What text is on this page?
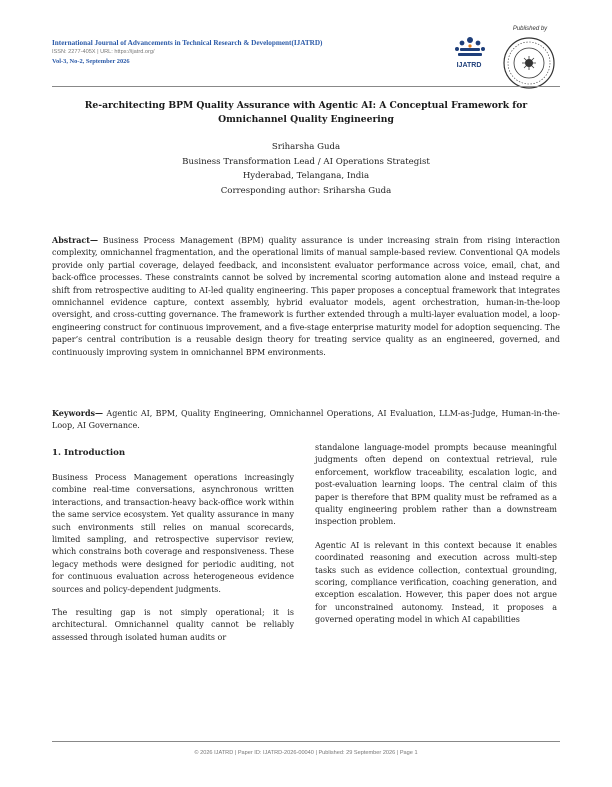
International Journal of Advancements in Technical Research & Development(IJATRD)
ISSN: 2277-405X | URL: https://ijatrd.org/
Vol-3, No-2, September 2026
IJATRD
Published by
Re-architecting BPM Quality Assurance with Agentic AI: A Conceptual Framework for Omnichannel Quality Engineering
Sriharsha Guda
Business Transformation Lead / AI Operations Strategist
Hyderabad, Telangana, India
Corresponding author: Sriharsha Guda
Abstract— Business Process Management (BPM) quality assurance is under increasing strain from rising interaction complexity, omnichannel fragmentation, and the operational limits of manual sample-based review. Conventional QA models provide only partial coverage, delayed feedback, and inconsistent evaluator performance across voice, email, chat, and back-office processes. These constraints cannot be solved by incremental scoring automation alone and instead require a shift from retrospective auditing to AI-led quality engineering. This paper proposes a conceptual framework that integrates omnichannel evidence capture, context assembly, hybrid evaluator models, agent orchestration, human-in-the-loop oversight, and cross-cutting governance. The framework is further extended through a multi-layer evaluation model, a loop-engineering construct for continuous improvement, and a five-stage enterprise maturity model for adoption sequencing. The paper’s central contribution is a reusable design theory for treating service quality as an engineered, governed, and continuously improving system in omnichannel BPM environments.
Keywords— Agentic AI, BPM, Quality Engineering, Omnichannel Operations, AI Evaluation, LLM-as-Judge, Human-in-the-Loop, AI Governance.
1. Introduction

Business Process Management operations increasingly combine real-time conversations, asynchronous written interactions, and transaction-heavy back-office work within the same service ecosystem. Yet quality assurance in many such environments still relies on manual scorecards, limited sampling, and retrospective supervisor review, which constrains both coverage and responsiveness. These legacy methods were designed for periodic auditing, not for continuous evaluation across heterogeneous evidence sources and policy-dependent judgments.

The resulting gap is not simply operational; it is architectural. Omnichannel quality cannot be reliably assessed through isolated human audits or

standalone language-model prompts because meaningful judgments often depend on contextual retrieval, rule enforcement, workflow traceability, escalation logic, and post-evaluation learning loops. The central claim of this paper is therefore that BPM quality must be reframed as a quality engineering problem rather than a downstream inspection problem.

Agentic AI is relevant in this context because it enables coordinated reasoning and execution across multi-step tasks such as evidence collection, contextual grounding, scoring, compliance verification, coaching generation, and exception escalation. However, this paper does not argue for unconstrained autonomy. Instead, it proposes a governed operating model in which AI capabilities

© 2026 IJATRD | Paper ID: IJATRD-2026-00040 | Published: 29 September 2026 | Page 1
